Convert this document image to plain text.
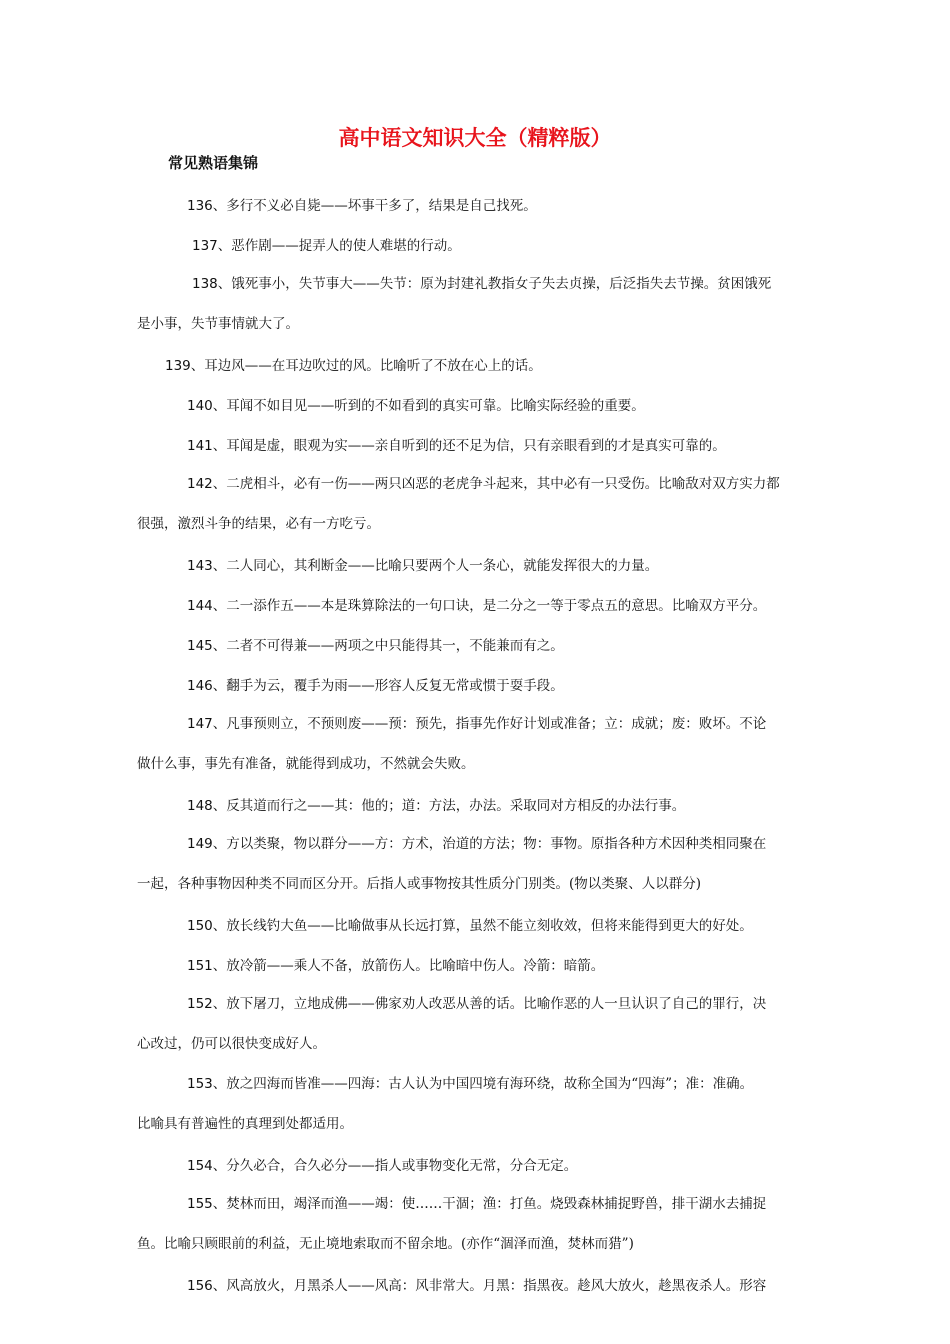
高中语文知识大全（精粹版）
常见熟语集锦
136、多行不义必自毙——坏事干多了，结果是自己找死。
137、恶作剧——捉弄人的使人难堪的行动。
138、饿死事小，失节事大——失节：原为封建礼教指女子失去贞操，后泛指失去节操。贫困饿死
是小事，失节事情就大了。
139、耳边风——在耳边吹过的风。比喻听了不放在心上的话。
140、耳闻不如目见——听到的不如看到的真实可靠。比喻实际经验的重要。
141、耳闻是虚，眼观为实——亲自听到的还不足为信，只有亲眼看到的才是真实可靠的。
142、二虎相斗，必有一伤——两只凶恶的老虎争斗起来，其中必有一只受伤。比喻敌对双方实力都
很强，激烈斗争的结果，必有一方吃亏。
143、二人同心，其利断金——比喻只要两个人一条心，就能发挥很大的力量。
144、二一添作五——本是珠算除法的一句口诀，是二分之一等于零点五的意思。比喻双方平分。
145、二者不可得兼——两项之中只能得其一，不能兼而有之。
146、翻手为云，覆手为雨——形容人反复无常或惯于耍手段。
147、凡事预则立，不预则废——预：预先，指事先作好计划或准备；立：成就；废：败坏。不论
做什么事，事先有准备，就能得到成功，不然就会失败。
148、反其道而行之——其：他的；道：方法，办法。采取同对方相反的办法行事。
149、方以类聚，物以群分——方：方术，治道的方法；物：事物。原指各种方术因种类相同聚在
一起，各种事物因种类不同而区分开。后指人或事物按其性质分门别类。(物以类聚、人以群分)
150、放长线钓大鱼——比喻做事从长远打算，虽然不能立刻收效，但将来能得到更大的好处。
151、放冷箭——乘人不备，放箭伤人。比喻暗中伤人。冷箭：暗箭。
152、放下屠刀，立地成佛——佛家劝人改恶从善的话。比喻作恶的人一旦认识了自己的罪行，决
心改过，仍可以很快变成好人。
153、放之四海而皆准——四海：古人认为中国四境有海环绕，故称全国为“四海”；准：准确。
比喻具有普遍性的真理到处都适用。
154、分久必合，合久必分——指人或事物变化无常，分合无定。
155、焚林而田，竭泽而渔——竭：使……干涸；渔：打鱼。烧毁森林捕捉野兽，排干湖水去捕捉
鱼。比喻只顾眼前的利益，无止境地索取而不留余地。(亦作“涸泽而渔，焚林而猎”)
156、风高放火，月黑杀人——风高：风非常大。月黑：指黑夜。趁风大放火，趁黑夜杀人。形容
